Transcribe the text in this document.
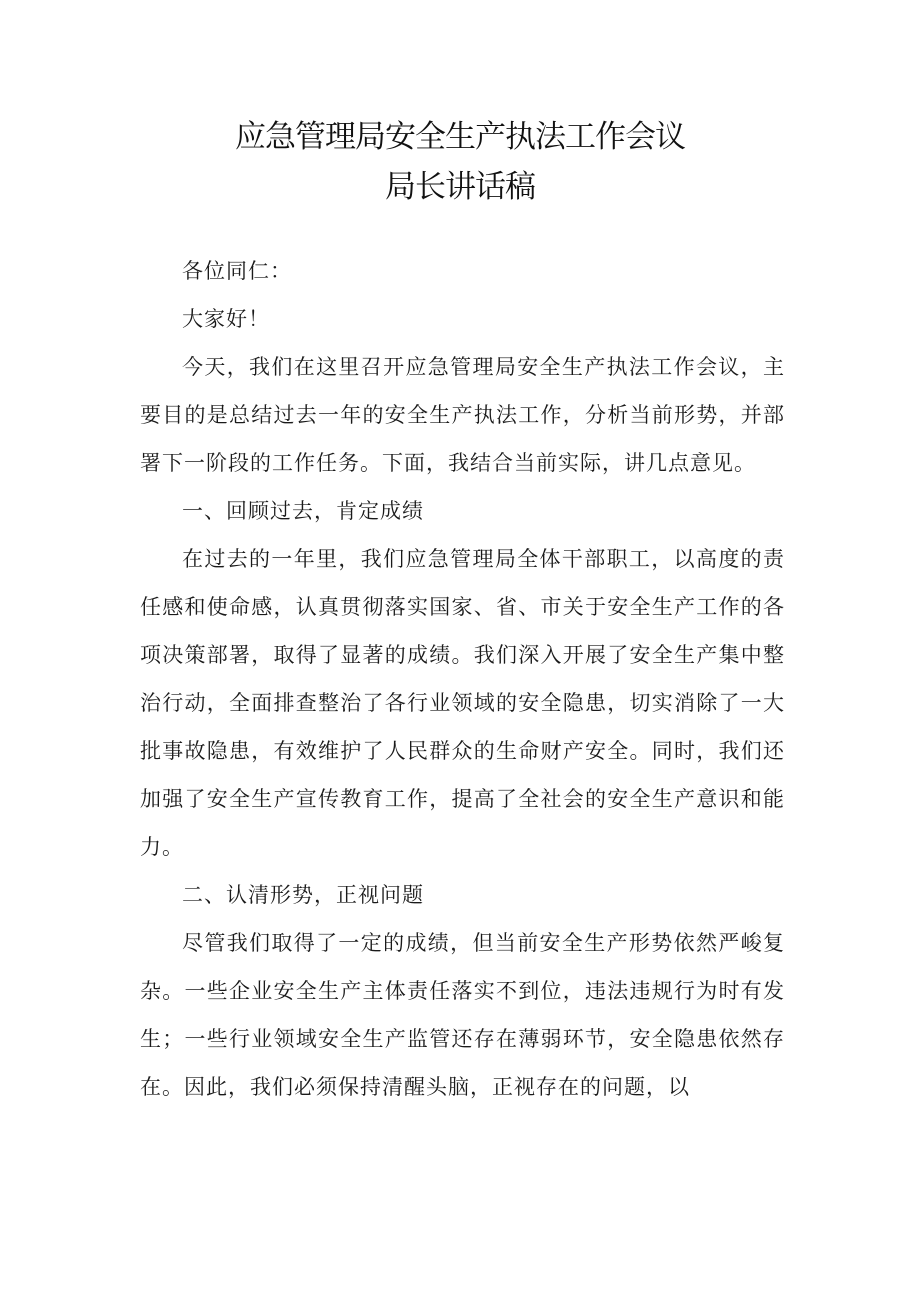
应急管理局安全生产执法工作会议
局长讲话稿

各位同仁：

大家好！

今天，我们在这里召开应急管理局安全生产执法工作会议，主要目的是总结过去一年的安全生产执法工作，分析当前形势，并部署下一阶段的工作任务。下面，我结合当前实际，讲几点意见。

一、回顾过去，肯定成绩

在过去的一年里，我们应急管理局全体干部职工，以高度的责任感和使命感，认真贯彻落实国家、省、市关于安全生产工作的各项决策部署，取得了显著的成绩。我们深入开展了安全生产集中整治行动，全面排查整治了各行业领域的安全隐患，切实消除了一大批事故隐患，有效维护了人民群众的生命财产安全。同时，我们还加强了安全生产宣传教育工作，提高了全社会的安全生产意识和能力。

二、认清形势，正视问题

尽管我们取得了一定的成绩，但当前安全生产形势依然严峻复杂。一些企业安全生产主体责任落实不到位，违法违规行为时有发生；一些行业领域安全生产监管还存在薄弱环节，安全隐患依然存在。因此，我们必须保持清醒头脑，正视存在的问题，以
